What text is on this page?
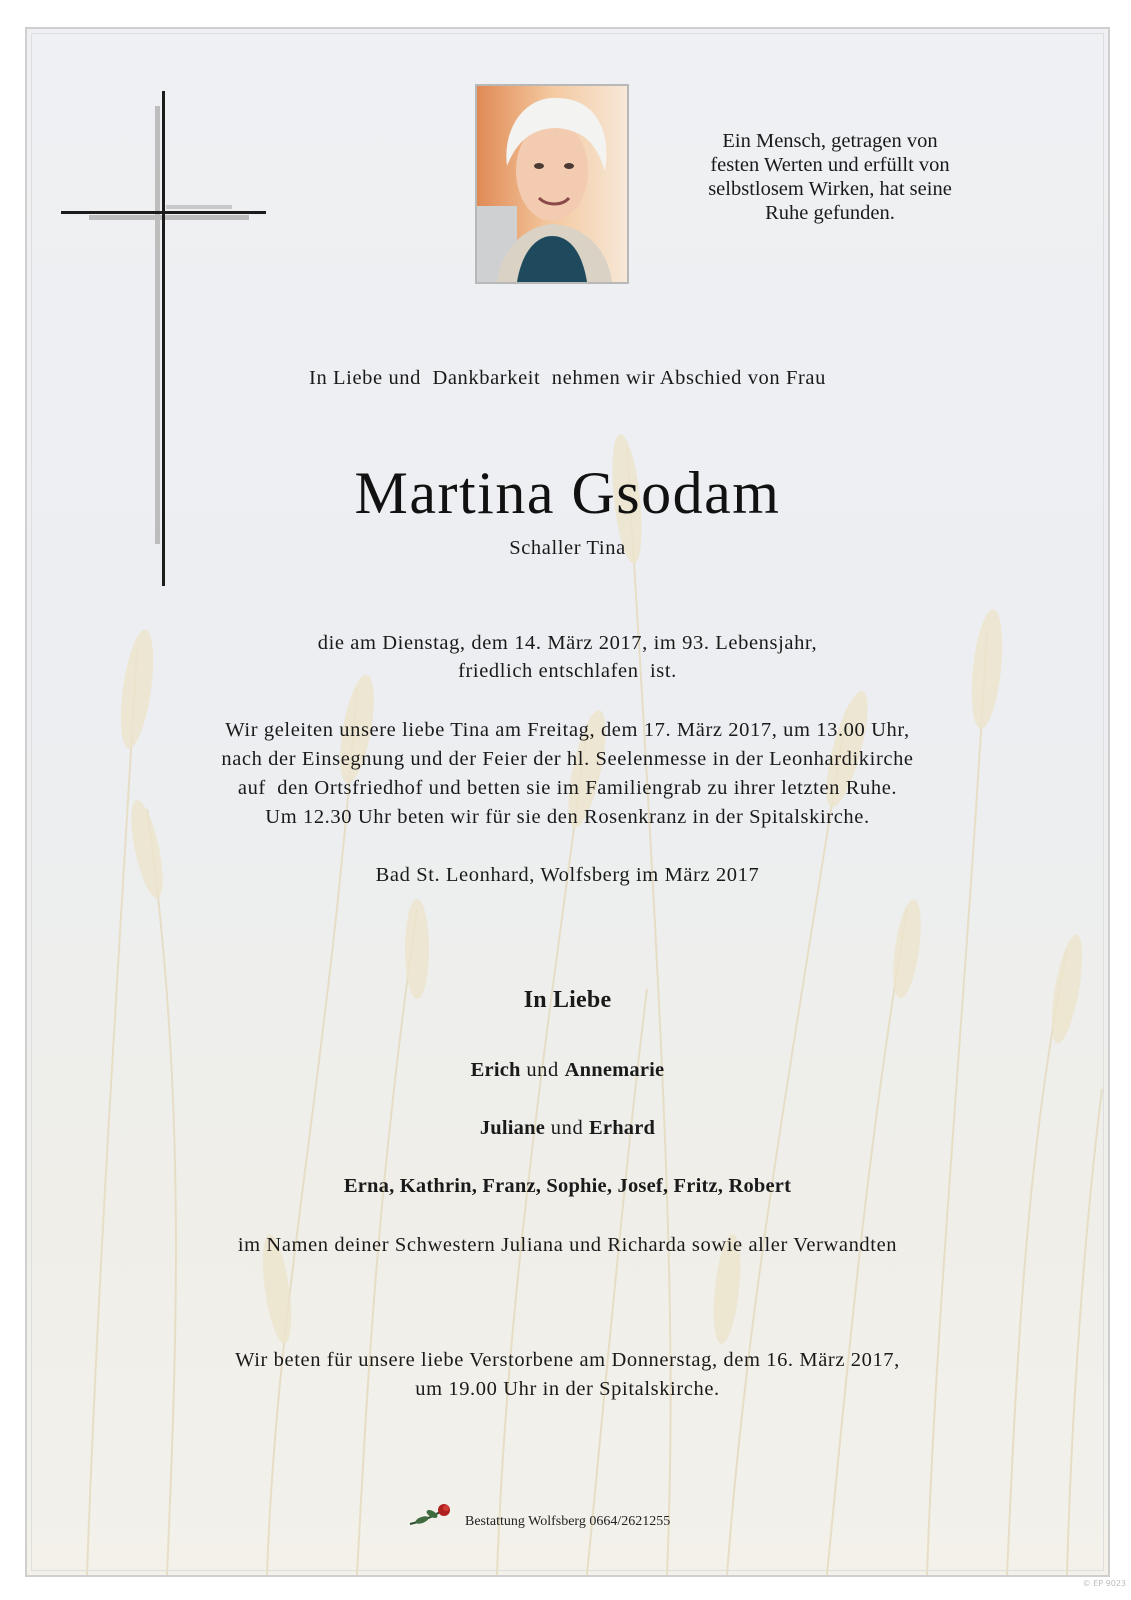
Ein Mensch, getragen von
festen Werten und erfüllt von
selbstlosem Wirken, hat seine
Ruhe gefunden.
In Liebe und  Dankbarkeit  nehmen wir Abschied von Frau
Martina Gsodam
Schaller Tina
die am Dienstag, dem 14. März 2017, im 93. Lebensjahr,
friedlich entschlafen  ist.
Wir geleiten unsere liebe Tina am Freitag, dem 17. März 2017, um 13.00 Uhr,
nach der Einsegnung und der Feier der hl. Seelenmesse in der Leonhardikirche
auf  den Ortsfriedhof und betten sie im Familiengrab zu ihrer letzten Ruhe.
Um 12.30 Uhr beten wir für sie den Rosenkranz in der Spitalskirche.
Bad St. Leonhard, Wolfsberg im März 2017
In Liebe
Erich und Annemarie
Juliane und Erhard
Erna, Kathrin, Franz, Sophie, Josef, Fritz, Robert
im Namen deiner Schwestern Juliana und Richarda sowie aller Verwandten
Wir beten für unsere liebe Verstorbene am Donnerstag, dem 16. März 2017,
um 19.00 Uhr in der Spitalskirche.
Bestattung Wolfsberg 0664/2621255
© EP 9023
